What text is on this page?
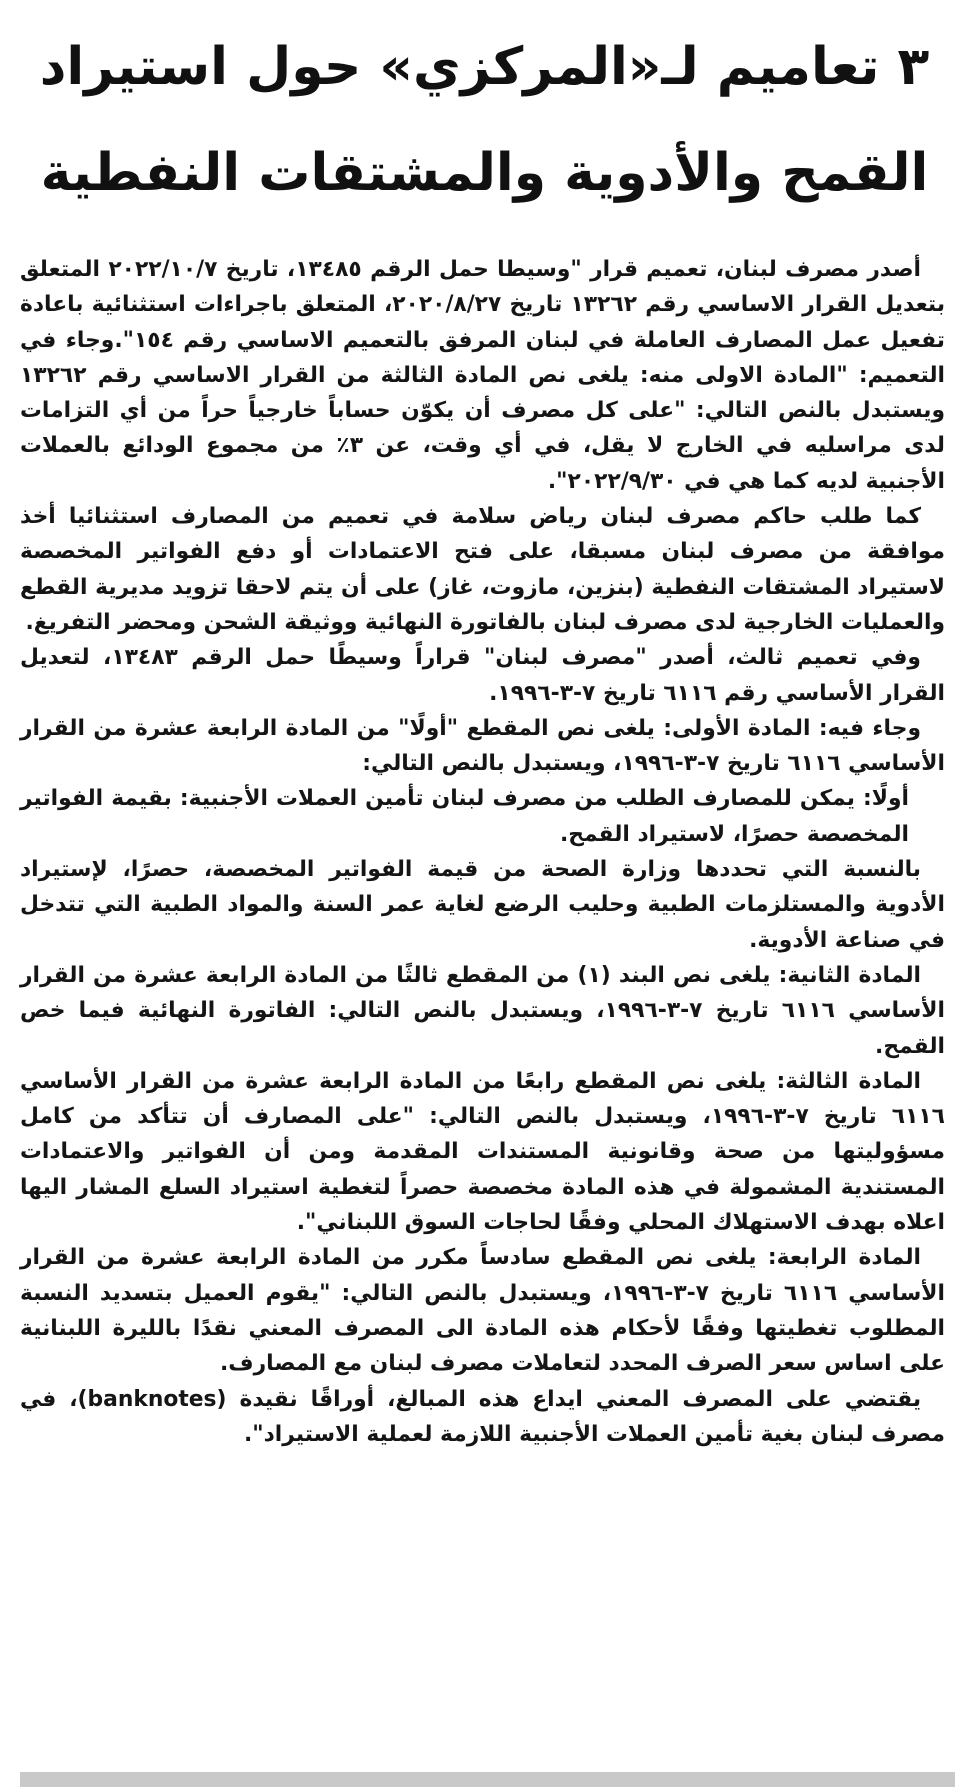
٣ تعاميم لـ«المركزي» حول استيراد
القمح والأدوية والمشتقات النفطية

أصدر مصرف لبنان، تعميم قرار "وسيطا حمل الرقم ١٣٤٨٥، تاريخ ٢٠٢٢/١٠/٧ المتعلق بتعديل القرار الاساسي رقم ١٣٢٦٢ تاريخ ٢٠٢٠/٨/٢٧، المتعلق باجراءات استثنائية باعادة تفعيل عمل المصارف العاملة في لبنان المرفق بالتعميم الاساسي رقم ١٥٤".وجاء في التعميم: "المادة الاولى منه: يلغى نص المادة الثالثة من القرار الاساسي رقم ١٣٢٦٢ ويستبدل بالنص التالي: "على كل مصرف أن يكوّن حساباً خارجياً حراً من أي التزامات لدى مراسليه في الخارج لا يقل، في أي وقت، عن ٣٪ من مجموع الودائع بالعملات الأجنبية لديه كما هي في ٢٠٢٢/٩/٣٠".

كما طلب حاكم مصرف لبنان رياض سلامة في تعميم من المصارف استثنائيا أخذ موافقة من مصرف لبنان مسبقا، على فتح الاعتمادات أو دفع الفواتير المخصصة لاستيراد المشتقات النفطية (بنزين، مازوت، غاز) على أن يتم لاحقا تزويد مديرية القطع والعمليات الخارجية لدى مصرف لبنان بالفاتورة النهائية ووثيقة الشحن ومحضر التفريغ.

وفي تعميم ثالث، أصدر "مصرف لبنان" قراراً وسيطًا حمل الرقم ١٣٤٨٣، لتعديل القرار الأساسي رقم ٦١١٦ تاريخ ٧-٣-١٩٩٦.

وجاء فيه: المادة الأولى: يلغى نص المقطع "أولًا" من المادة الرابعة عشرة من القرار الأساسي ٦١١٦ تاريخ ٧-٣-١٩٩٦، ويستبدل بالنص التالي:

أولًا: يمكن للمصارف الطلب من مصرف لبنان تأمين العملات الأجنبية: بقيمة الفواتير المخصصة حصرًا، لاستيراد القمح.

بالنسبة التي تحددها وزارة الصحة من قيمة الفواتير المخصصة، حصرًا، لإستيراد الأدوية والمستلزمات الطبية وحليب الرضع لغاية عمر السنة والمواد الطبية التي تتدخل في صناعة الأدوية.

المادة الثانية: يلغى نص البند (١) من المقطع ثالثًا من المادة الرابعة عشرة من القرار الأساسي ٦١١٦ تاريخ ٧-٣-١٩٩٦، ويستبدل بالنص التالي: الفاتورة النهائية فيما خص القمح.

المادة الثالثة: يلغى نص المقطع رابعًا من المادة الرابعة عشرة من القرار الأساسي ٦١١٦ تاريخ ٧-٣-١٩٩٦، ويستبدل بالنص التالي: "على المصارف أن تتأكد من كامل مسؤوليتها من صحة وقانونية المستندات المقدمة ومن أن الفواتير والاعتمادات المستندية المشمولة في هذه المادة مخصصة حصراً لتغطية استيراد السلع المشار اليها اعلاه بهدف الاستهلاك المحلي وفقًا لحاجات السوق اللبناني".

المادة الرابعة: يلغى نص المقطع سادساً مكرر من المادة الرابعة عشرة من القرار الأساسي ٦١١٦ تاريخ ٧-٣-١٩٩٦، ويستبدل بالنص التالي: "يقوم العميل بتسديد النسبة المطلوب تغطيتها وفقًا لأحكام هذه المادة الى المصرف المعني نقدًا بالليرة اللبنانية على اساس سعر الصرف المحدد لتعاملات مصرف لبنان مع المصارف.

يقتضي على المصرف المعني ايداع هذه المبالغ، أوراقًا نقيدة (banknotes)، في مصرف لبنان بغية تأمين العملات الأجنبية اللازمة لعملية الاستيراد".
